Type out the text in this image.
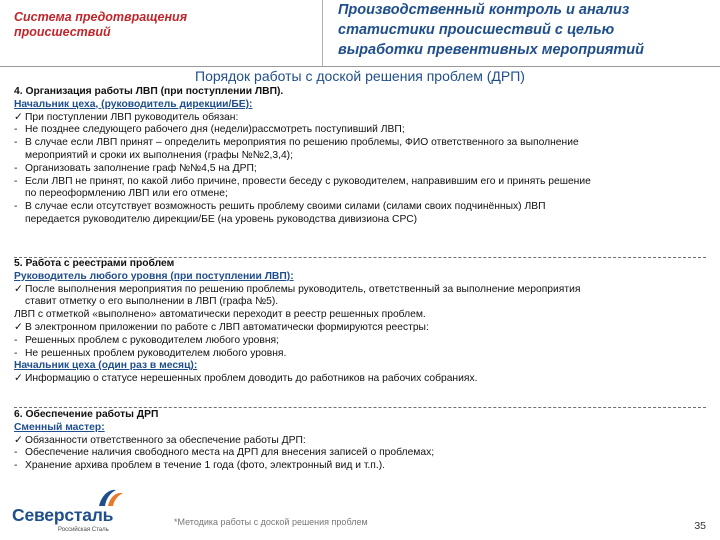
Система предотвращения
происшествий
Производственный контроль и анализ
статистики происшествий с целью
выработки превентивных мероприятий
Порядок работы с доской решения проблем (ДРП)
4. Организация работы ЛВП (при поступлении ЛВП).
Начальник цеха, (руководитель дирекции/БЕ):
✓ При поступлении ЛВП руководитель обязан:
- Не позднее следующего рабочего дня (недели)рассмотреть поступивший ЛВП;
- В случае если ЛВП принят – определить мероприятия по решению проблемы, ФИО ответственного за выполнение
мероприятий и сроки их выполнения (графы №№2,3,4);
- Организовать заполнение граф №№4,5 на ДРП;
- Если ЛВП не принят, по какой либо причине, провести беседу с руководителем, направившим его и принять решение
по переоформлению ЛВП или его отмене;
- В случае если отсутствует возможность решить проблему своими силами (силами своих подчинённых) ЛВП
передается руководителю дирекции/БЕ (на уровень руководства дивизиона СРС)
5. Работа с реестрами проблем
Руководитель любого уровня (при поступлении ЛВП):
✓ После выполнения мероприятия по решению проблемы руководитель, ответственный за выполнение мероприятия
ставит отметку о его выполнении в ЛВП (графа №5).
ЛВП с отметкой «выполнено» автоматически переходит в реестр решенных проблем.
✓ В электронном приложении по работе с ЛВП автоматически формируются реестры:
- Решенных проблем с руководителем любого уровня;
- Не решенных проблем руководителем любого уровня.
Начальник цеха (один раз в месяц):
✓ Информацию о статусе нерешенных проблем доводить до работников на рабочих собраниях.
6. Обеспечение работы ДРП
Сменный мастер:
✓ Обязанности ответственного за обеспечение работы ДРП:
- Обеспечение наличия свободного места на ДРП для внесения записей о проблемах;
- Хранение архива проблем в течение 1 года (фото, электронный вид и т.п.).
Северсталь
Российская Сталь
*Методика работы с доской решения проблем	35
